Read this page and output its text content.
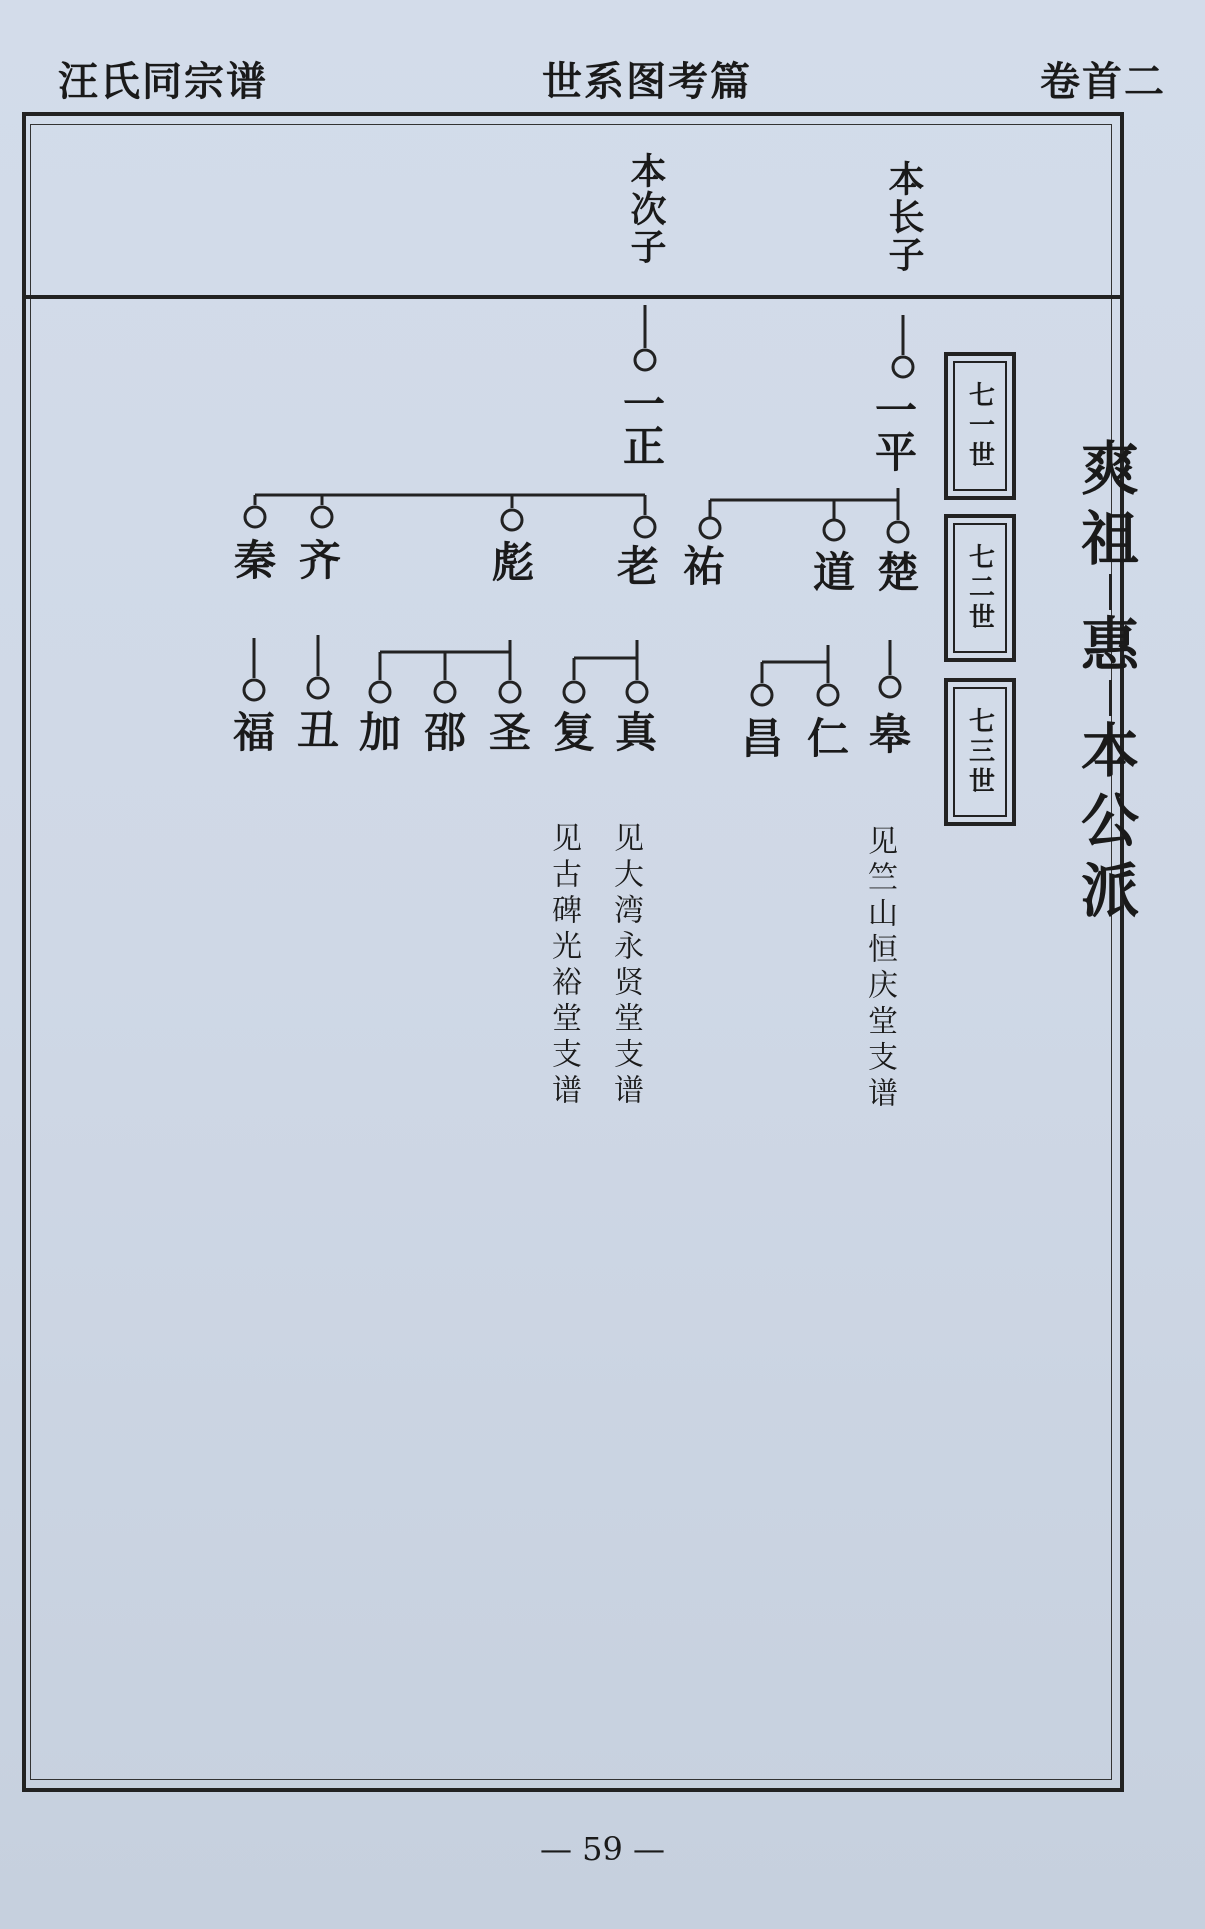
汪氏同宗谱	世系图考篇	卷首二
本次子	本长子
一平
一正
楚
道
祐
老
彪
齐
秦
皋
仁
昌
真
复
圣
邵
加
丑
福
见竺山恒庆堂支谱
见大湾永贤堂支谱
见古碑光裕堂支谱
七一世
七二世
七三世
爽
祖
惠
本
公
派
— 59 —
